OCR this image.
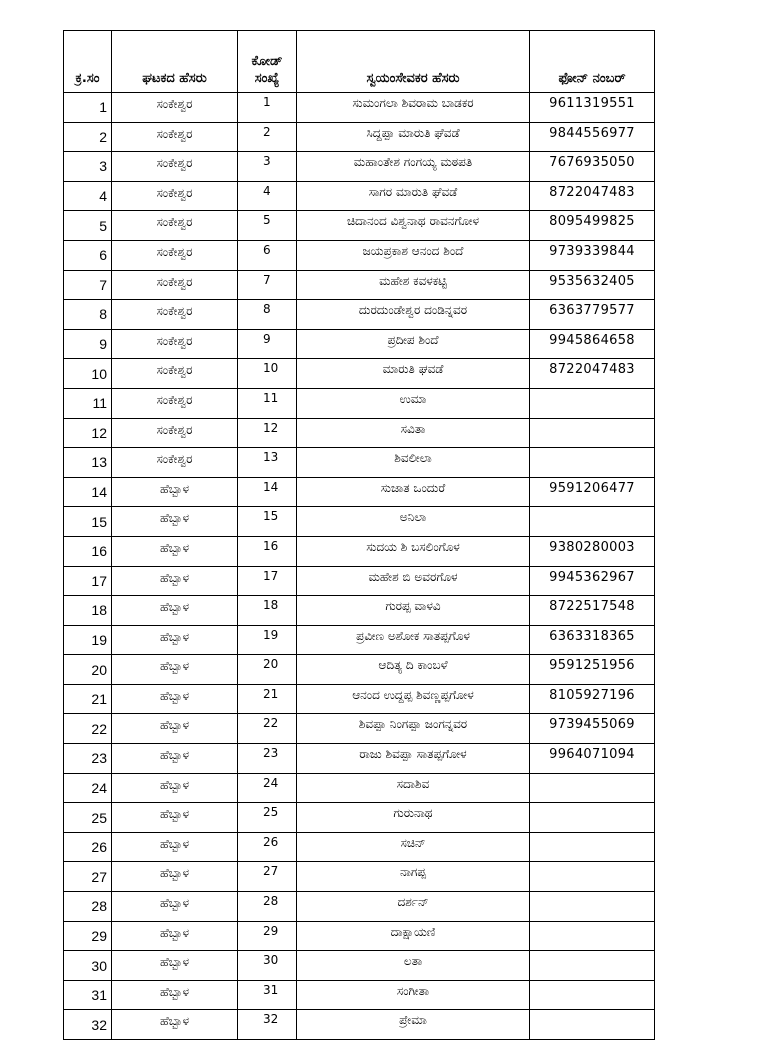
ಕ್ರ.ಸಂ	ಘಟಕದ ಹೆಸರು	ಕೋಡ್ ಸಂಖ್ಯೆ	ಸ್ವಯಂಸೇವಕರ ಹೆಸರು	ಫೋನ್ ನಂಬರ್
1	ಸಂಕೇಶ್ವರ	1	ಸುಮಂಗಲಾ ಶಿವರಾಮ ಬಾಡಕರ	9611319551
2	ಸಂಕೇಶ್ವರ	2	ಸಿದ್ದಪ್ಪಾ ಮಾರುತಿ ಘೆವಡೆ	9844556977
3	ಸಂಕೇಶ್ವರ	3	ಮಹಾಂತೇಶ ಗಂಗಯ್ಯ ಮಠಪತಿ	7676935050
4	ಸಂಕೇಶ್ವರ	4	ಸಾಗರ ಮಾರುತಿ ಘೆವಡೆ	8722047483
5	ಸಂಕೇಶ್ವರ	5	ಚಿದಾನಂದ ವಿಶ್ವನಾಥ ರಾವನಗೋಳ	8095499825
6	ಸಂಕೇಶ್ವರ	6	ಜಯಪ್ರಕಾಶ ಆನಂದ ಶಿಂದೆ	9739339844
7	ಸಂಕೇಶ್ವರ	7	ಮಹೇಶ ಕವಳಕಟ್ಟಿ	9535632405
8	ಸಂಕೇಶ್ವರ	8	ದುರದುಂಡೇಶ್ವರ ದಂಡಿನ್ನವರ	6363779577
9	ಸಂಕೇಶ್ವರ	9	ಪ್ರದೀಪ ಶಿಂದೆ	9945864658
10	ಸಂಕೇಶ್ವರ	10	ಮಾರುತಿ ಘವಡೆ	8722047483
11	ಸಂಕೇಶ್ವರ	11	ಉಮಾ	
12	ಸಂಕೇಶ್ವರ	12	ಸವಿತಾ	
13	ಸಂಕೇಶ್ವರ	13	ಶಿವಲೀಲಾ	
14	ಹೆಬ್ಬಾಳ	14	ಸುಜಾತ ಒಂದುರೆ	9591206477
15	ಹೆಬ್ಬಾಳ	15	ಅನಿಲಾ	
16	ಹೆಬ್ಬಾಳ	16	ಸುದಯ ಶಿ ಬಸಲಿಂಗೊಳ	9380280003
17	ಹೆಬ್ಬಾಳ	17	ಮಹೇಶ ಬಿ ಅವರಗೊಳ	9945362967
18	ಹೆಬ್ಬಾಳ	18	ಗುರಪ್ಪ ವಾಳವಿ	8722517548
19	ಹೆಬ್ಬಾಳ	19	ಪ್ರವೀಣ ಅಶೋಕ ಸಾತಪ್ಪಗೊಳ	6363318365
20	ಹೆಬ್ಬಾಳ	20	ಆದಿತ್ಯ ದಿ ಕಾಂಬಳೆ	9591251956
21	ಹೆಬ್ಬಾಳ	21	ಆನಂದ ಉದ್ದಪ್ಪ ಶಿವಣ್ಣಪ್ಪಗೋಳ	8105927196
22	ಹೆಬ್ಬಾಳ	22	ಶಿವಪ್ಪಾ ನಿಂಗಪ್ಪಾ ಜಂಗನ್ನವರ	9739455069
23	ಹೆಬ್ಬಾಳ	23	ರಾಜು ಶಿವಪ್ಪಾ ಸಾತಪ್ಪಗೋಳ	9964071094
24	ಹೆಬ್ಬಾಳ	24	ಸದಾಶಿವ	
25	ಹೆಬ್ಬಾಳ	25	ಗುರುನಾಥ	
26	ಹೆಬ್ಬಾಳ	26	ಸಚಿನ್	
27	ಹೆಬ್ಬಾಳ	27	ನಾಗಪ್ಪ	
28	ಹೆಬ್ಬಾಳ	28	ದರ್ಶನ್	
29	ಹೆಬ್ಬಾಳ	29	ದಾಕ್ಷಾಯಣಿ	
30	ಹೆಬ್ಬಾಳ	30	ಲತಾ	
31	ಹೆಬ್ಬಾಳ	31	ಸಂಗೀತಾ	
32	ಹೆಬ್ಬಾಳ	32	ಪ್ರೇಮಾ	
